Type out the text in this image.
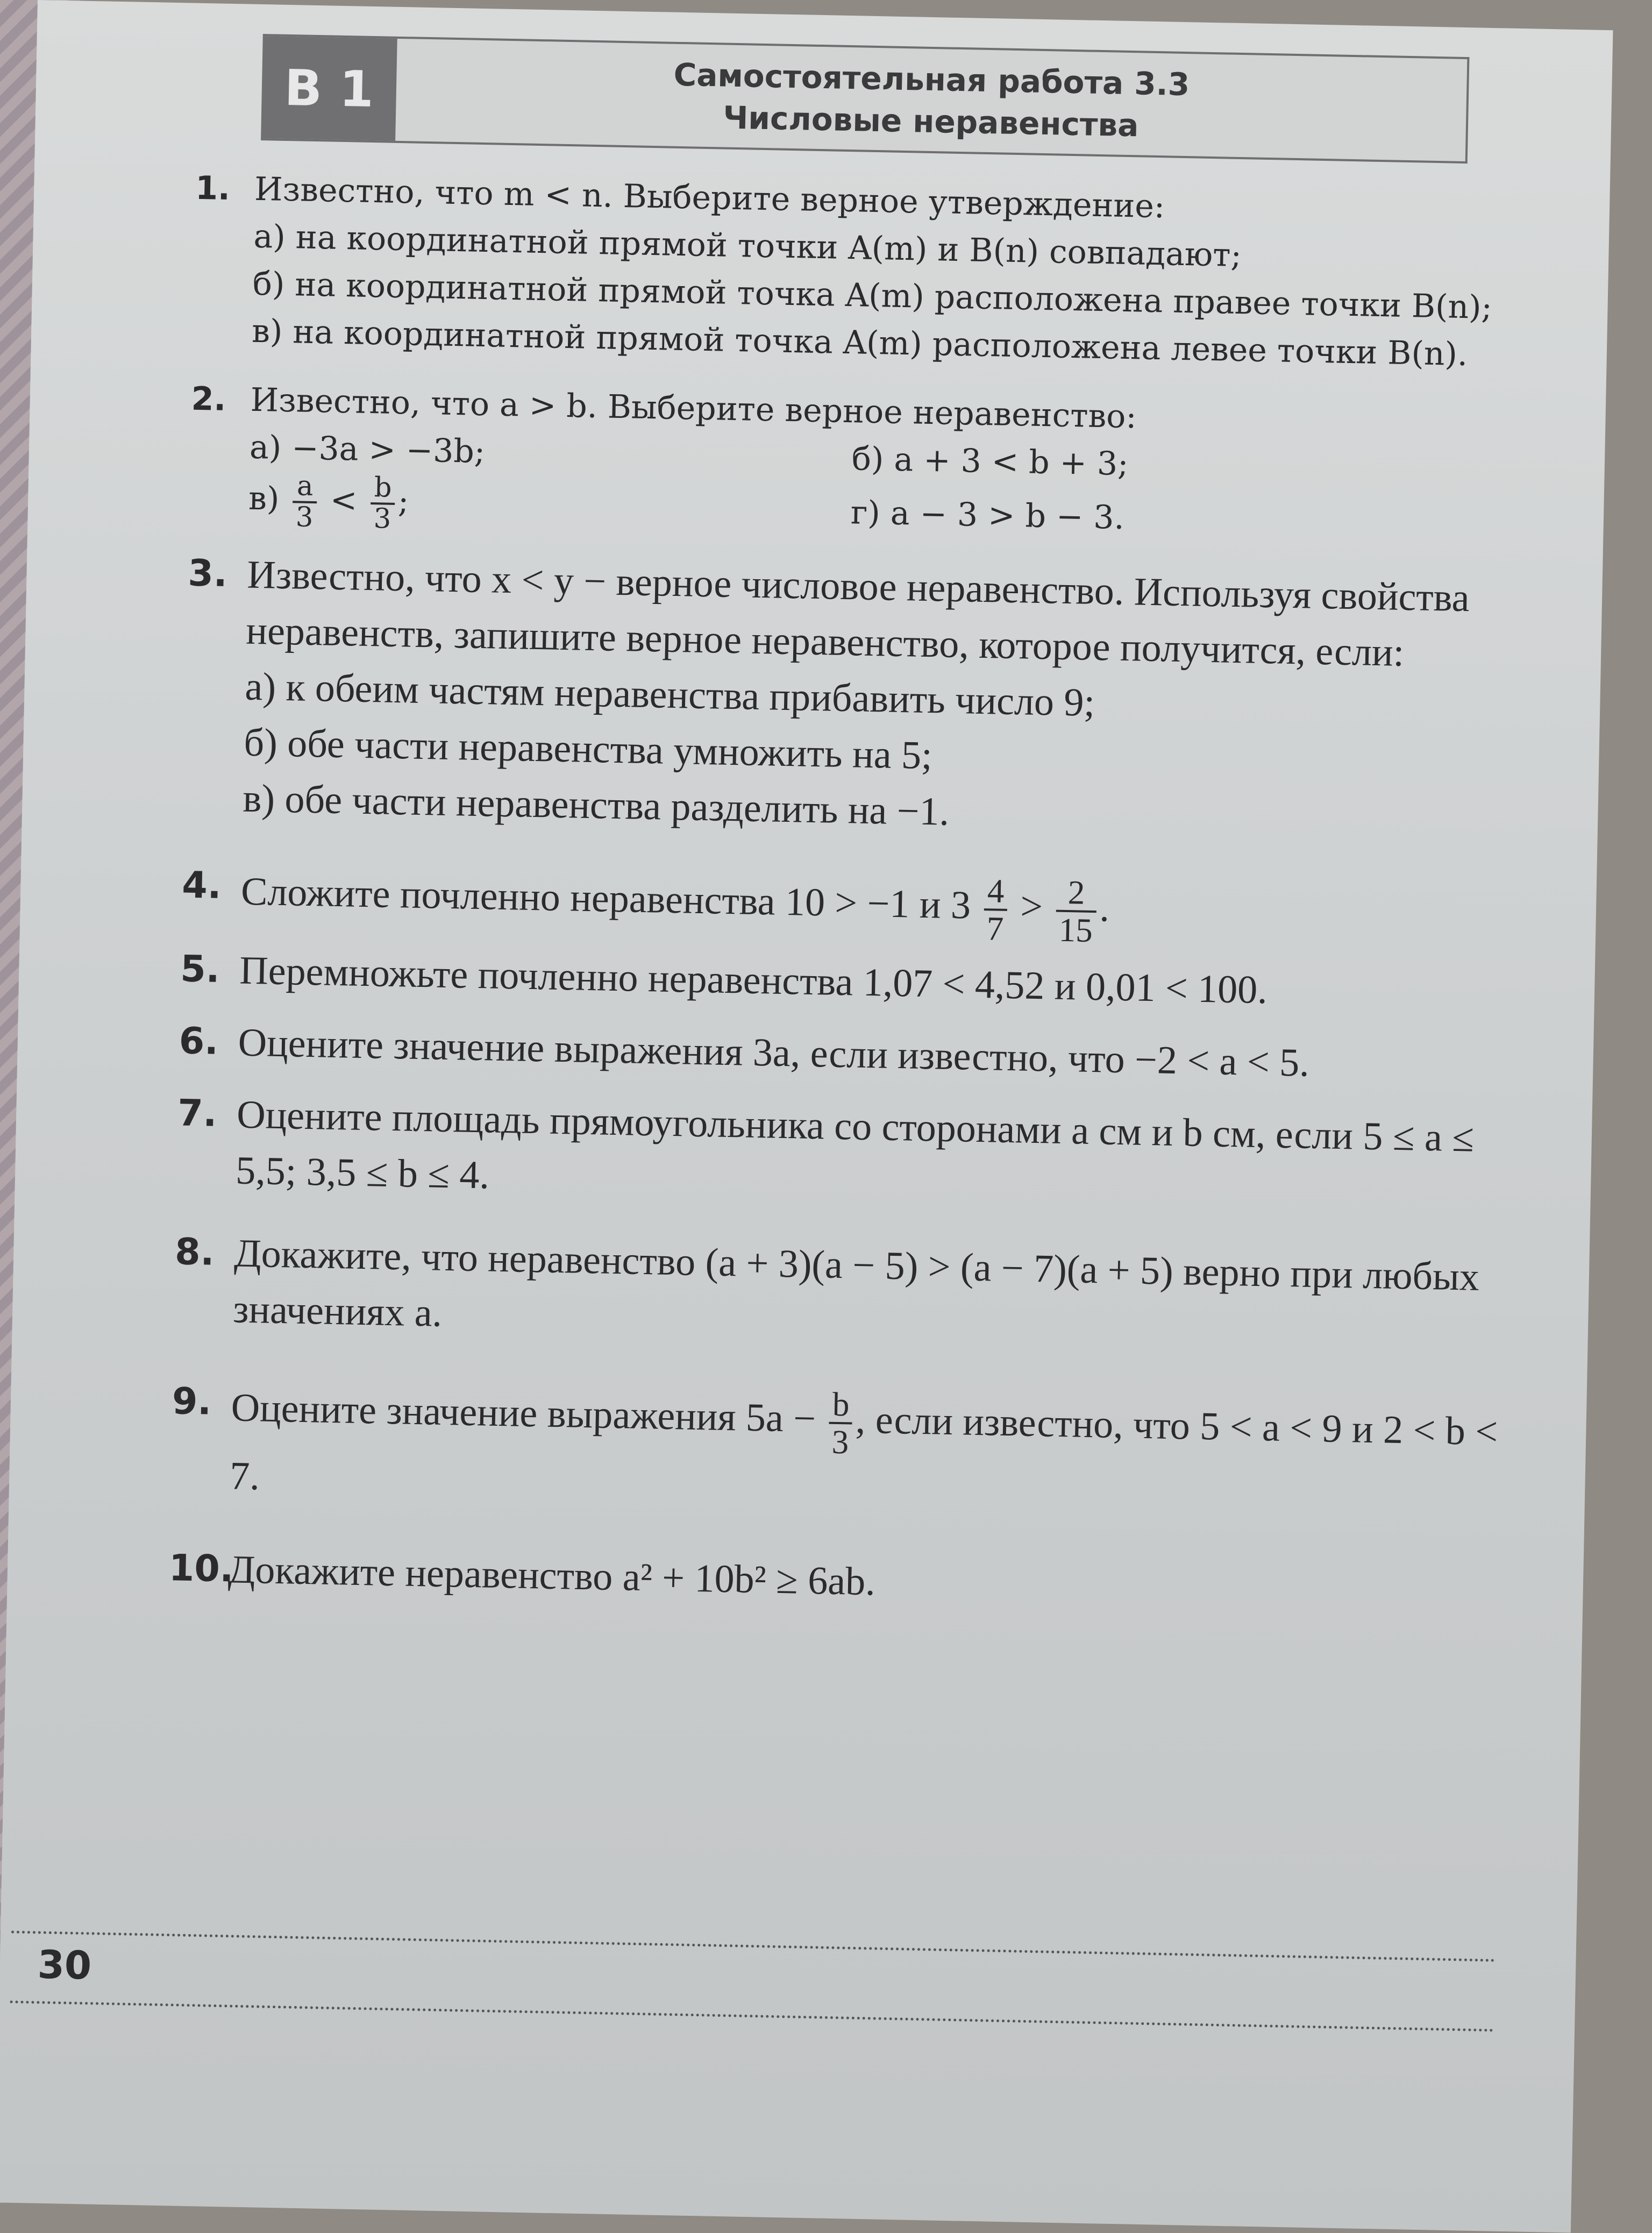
В 1	Самостоятельная работа 3.3
Числовые неравенства
1. Известно, что m < n. Выберите верное утверждение:
а) на координатной прямой точки A(m) и B(n) совпадают;
б) на координатной прямой точка A(m) расположена правее точки B(n);
в) на координатной прямой точка A(m) расположена левее точки B(n).
2. Известно, что a > b. Выберите верное неравенство:
а) −3a > −3b;	б) a + 3 < b + 3;
$в) \frac{a}{3} < \frac{b}{3}$ ;	г) a − 3 > b − 3.
3. Известно, что x < y − верное числовое неравенство. Используя свойства неравенств, запишите верное неравенство, которое получится, если:
а) к обеим частям неравенства прибавить число 9;
б) обе части неравенства умножить на 5;
в) обе части неравенства разделить на −1.
4. Сложите почленно неравенства 10 > −1 и $3 \frac{4}{7} > \frac{2}{15}$ .
5. Перемножьте почленно неравенства 1,07 < 4,52 и 0,01 < 100.
6. Оцените значение выражения 3a, если известно, что −2 < a < 5.
7. Оцените площадь прямоугольника со сторонами a см и b см, если 5 ≤ a ≤ 5,5; 3,5 ≤ b ≤ 4.
8. Докажите, что неравенство (a + 3)(a − 5) > (a − 7)(a + 5) верно при любых значениях a.
9. Оцените значение выражения $5a - \frac{b}{3}$ , если известно, что 5 < a < 9 и 2 < b < 7.
10.
Докажите неравенство a² + 10b² ≥ 6ab.
30
